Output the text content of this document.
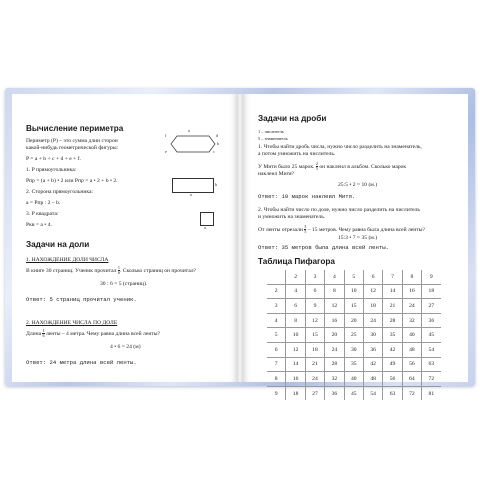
Вычисление периметра
Периметр (Р) – это сумма длин сторон
какой-нибудь геометрической фигуры:
P = a + b + c + d + e + f.
1. Р прямоугольника:
Pпр = (a + b) • 2 или Pпр = a • 2 + b • 2.
2. Сторона прямоугольника:
a = Pпр : 2 – b.
3. Р квадрата:
Pкв = a • 4.
a
b
c
d
e
f
a
b
a
Задачи на доли
1. НАХОЖДЕНИЕ ДОЛИ ЧИСЛА
В книге 30 страниц. Ученик прочитал $\frac{1}{6}$ . Сколько страниц он прочитал?
30 : 6 = 5 (страниц).
Ответ: 5 страниц прочитал ученик.
2. НАХОЖДЕНИЕ ЧИСЛА ПО ДОЛЕ
Длина $\frac{1}{6}$ ленты – 4 метра. Чему равна длина всей ленты?
4 • 6 = 24 (м)
Ответ: 24 метра длина всей ленты.
Задачи на дроби
1 – числитель
5 – знаменатель
1. Чтобы найти дробь числа, нужно число разделить на знаменатель,
а потом умножить на числитель.
У Мити было 25 марок. $\frac{2}{5}$ он наклеил в альбом. Сколько марок
наклеил Митя?
25:5 • 2 = 10 (м.)
Ответ: 10 марок наклеил Митя.
2. Чтобы найти число по доле, нужно число разделить на числитель
и умножить на знаменатель.
От ленты отрезали $\frac{3}{5} - 15$ метров. Чему равна была длина всей ленты?
15:3 • 7 = 35 (м.)
Ответ: 35 метров была длина всей ленты.
Таблица Пифагора
	2	3	4	5	6	7	8	9
2	4	6	8	10	12	14	16	18
3	6	9	12	15	18	21	24	27
4	8	12	16	20	24	28	32	36
5	10	15	20	25	30	35	40	45
6	12	18	24	30	36	42	48	54
7	14	21	28	35	42	49	56	63
8	16	24	32	40	48	56	64	72
9	18	27	36	45	54	63	72	81
